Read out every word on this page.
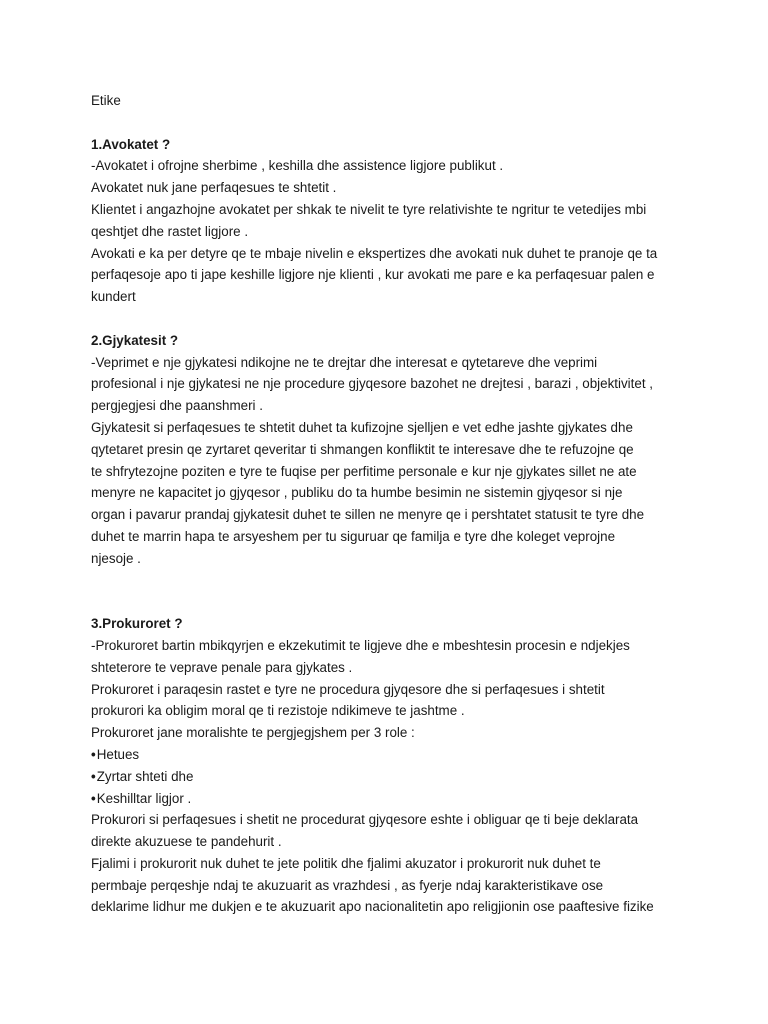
Etike

1.Avokatet ?

-Avokatet i ofrojne sherbime , keshilla dhe assistence ligjore publikut .

Avokatet nuk jane perfaqesues te shtetit .

Klientet i angazhojne avokatet per shkak te nivelit te tyre relativishte te ngritur te vetedijes mbi

qeshtjet dhe rastet ligjore .

Avokati e ka per detyre qe te mbaje nivelin e ekspertizes dhe avokati nuk duhet te pranoje qe ta

perfaqesoje apo ti jape keshille ligjore nje klienti , kur avokati me pare e ka perfaqesuar palen e

kundert

2.Gjykatesit ?

-Veprimet e nje gjykatesi ndikojne ne te drejtar dhe interesat e qytetareve dhe veprimi

profesional i nje gjykatesi ne nje procedure gjyqesore bazohet ne drejtesi , barazi , objektivitet ,

pergjegjesi dhe paanshmeri .

Gjykatesit si perfaqesues te shtetit duhet ta kufizojne sjelljen e vet edhe jashte gjykates dhe

qytetaret presin qe zyrtaret qeveritar ti shmangen konfliktit te interesave dhe te refuzojne qe

te shfrytezojne poziten e tyre te fuqise per perfitime personale e kur nje gjykates sillet ne ate

menyre ne kapacitet jo gjyqesor , publiku do ta humbe besimin ne sistemin gjyqesor si nje

organ i pavarur prandaj gjykatesit duhet te sillen ne menyre qe i pershtatet statusit te tyre dhe

duhet te marrin hapa te arsyeshem per tu siguruar qe familja e tyre dhe koleget veprojne

njesoje .

3.Prokuroret ?

-Prokuroret bartin mbikqyrjen e ekzekutimit te ligjeve dhe e mbeshtesin procesin e ndjekjes

shteterore te veprave penale para gjykates .

Prokuroret i paraqesin rastet e tyre ne procedura gjyqesore dhe si perfaqesues i shtetit

prokurori ka obligim moral qe ti rezistoje ndikimeve te jashtme .

Prokuroret jane moralishte te pergjegjshem per 3 role :

• Hetues

• Zyrtar shteti dhe

• Keshilltar ligjor .

Prokurori si perfaqesues i shetit ne procedurat gjyqesore eshte i obliguar qe ti beje deklarata

direkte akuzuese te pandehurit .

Fjalimi i prokurorit nuk duhet te jete politik dhe fjalimi akuzator i prokurorit nuk duhet te

permbaje perqeshje ndaj te akuzuarit as vrazhdesi , as fyerje ndaj karakteristikave ose

deklarime lidhur me dukjen e te akuzuarit apo nacionalitetin apo religjionin ose paaftesive fizike
